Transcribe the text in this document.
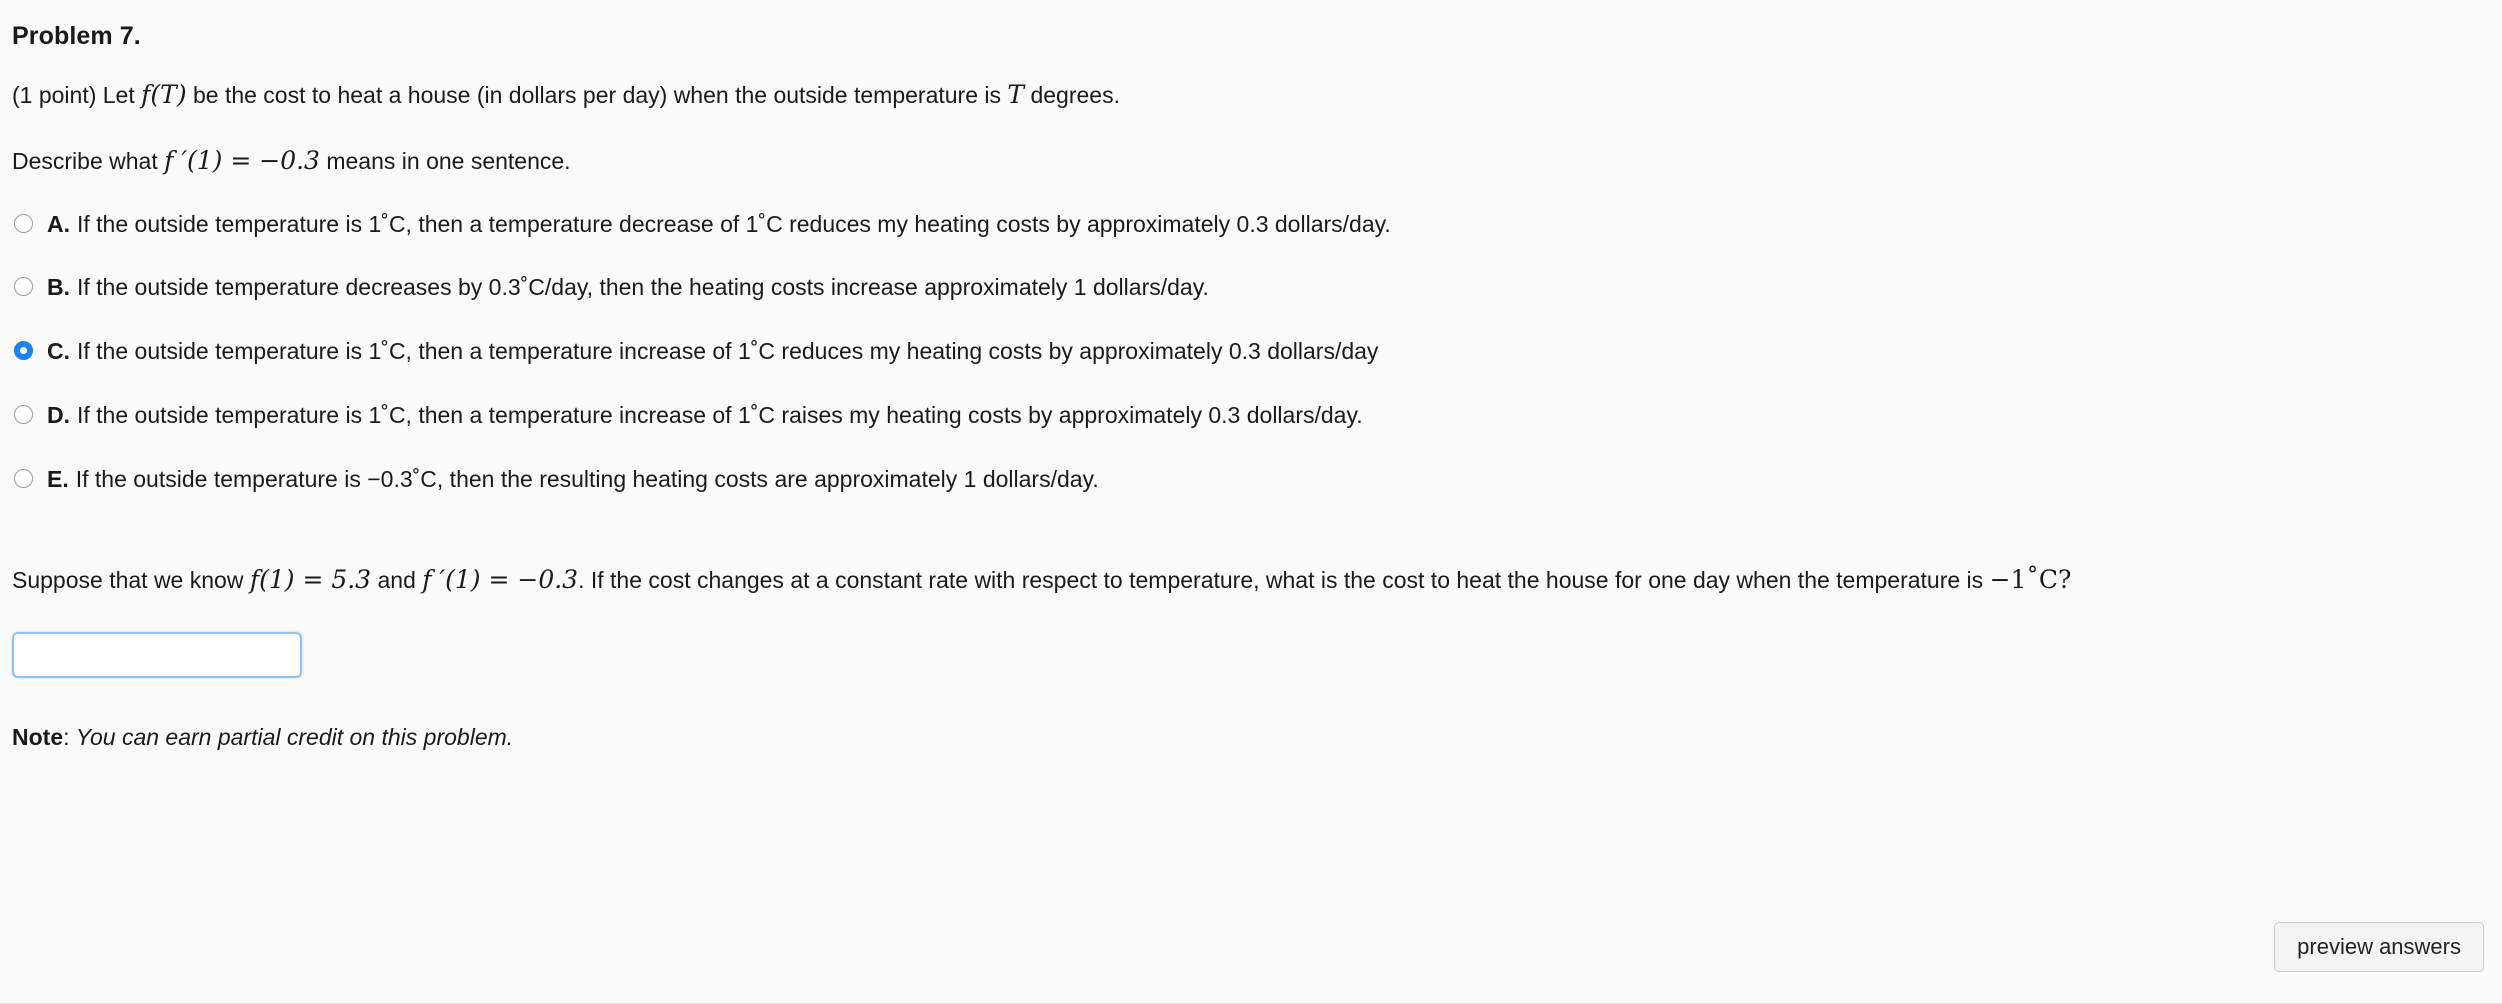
Problem 7.
(1 point) Let f(T) be the cost to heat a house (in dollars per day) when the outside temperature is T degrees.
Describe what f ′(1) = −0.3 means in one sentence.
A. If the outside temperature is 1˚C, then a temperature decrease of 1˚C reduces my heating costs by approximately 0.3 dollars/day.
B. If the outside temperature decreases by 0.3˚C/day, then the heating costs increase approximately 1 dollars/day.
C. If the outside temperature is 1˚C, then a temperature increase of 1˚C reduces my heating costs by approximately 0.3 dollars/day
D. If the outside temperature is 1˚C, then a temperature increase of 1˚C raises my heating costs by approximately 0.3 dollars/day.
E. If the outside temperature is −0.3˚C, then the resulting heating costs are approximately 1 dollars/day.
Suppose that we know f(1) = 5.3 and f ′(1) = −0.3. If the cost changes at a constant rate with respect to temperature, what is the cost to heat the house for one day when the temperature is −1˚C?
Note: You can earn partial credit on this problem.
preview answers
